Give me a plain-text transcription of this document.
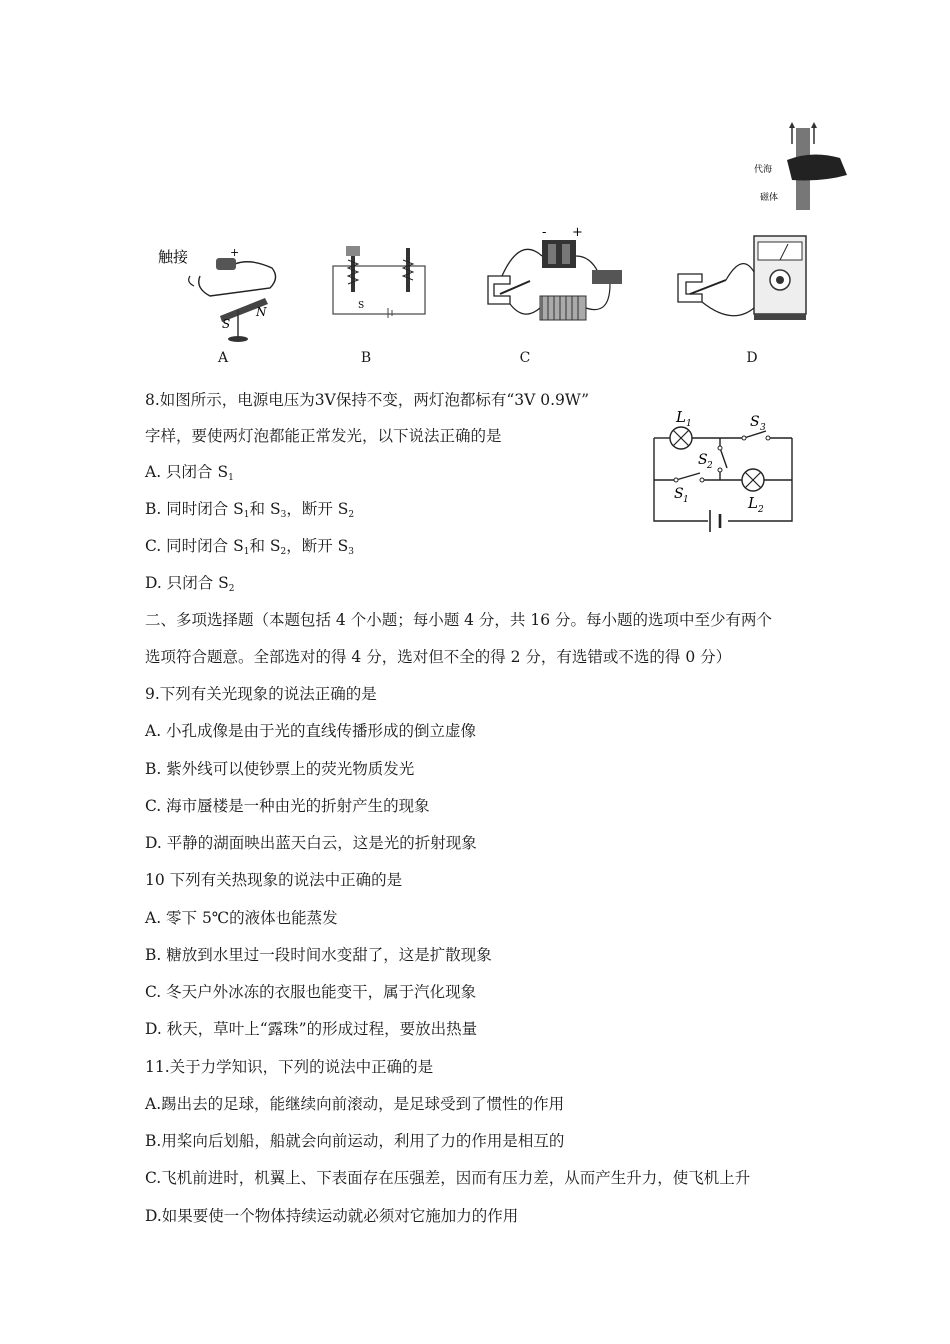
代海
磁体
触接	+
S
N	S
- +
A	B	C	D
L 1
L 2
S 3
S 2
S 1
8.如图所示，电源电压为3V保持不变，两灯泡都标有“3V 0.9W”
字样，要使两灯泡都能正常发光，以下说法正确的是
A. 只闭合 $S_1$
B. 同时闭合 $S_1$和 $S_3$，断开 $S_2$
C. 同时闭合 $S_1$和 $S_2$，断开 $S_3$
D. 只闭合 $S_2$
二、多项选择题（本题包括 4 个小题；每小题 4 分，共 16 分。每小题的选项中至少有两个
选项符合题意。全部选对的得 4 分，选对但不全的得 2 分，有选错或不选的得 0 分）
9.下列有关光现象的说法正确的是
A. 小孔成像是由于光的直线传播形成的倒立虚像
B. 紫外线可以使钞票上的荧光物质发光
C. 海市蜃楼是一种由光的折射产生的现象
D. 平静的湖面映出蓝天白云，这是光的折射现象
10 下列有关热现象的说法中正确的是
A. 零下 5℃的液体也能蒸发
B. 糖放到水里过一段时间水变甜了，这是扩散现象
C. 冬天户外冰冻的衣服也能变干，属于汽化现象
D. 秋天，草叶上“露珠”的形成过程，要放出热量
11.关于力学知识，下列的说法中正确的是
A.踢出去的足球，能继续向前滚动，是足球受到了惯性的作用
B.用桨向后划船，船就会向前运动，利用了力的作用是相互的
C.飞机前进时，机翼上、下表面存在压强差，因而有压力差，从而产生升力，使飞机上升
D.如果要使一个物体持续运动就必须对它施加力的作用
